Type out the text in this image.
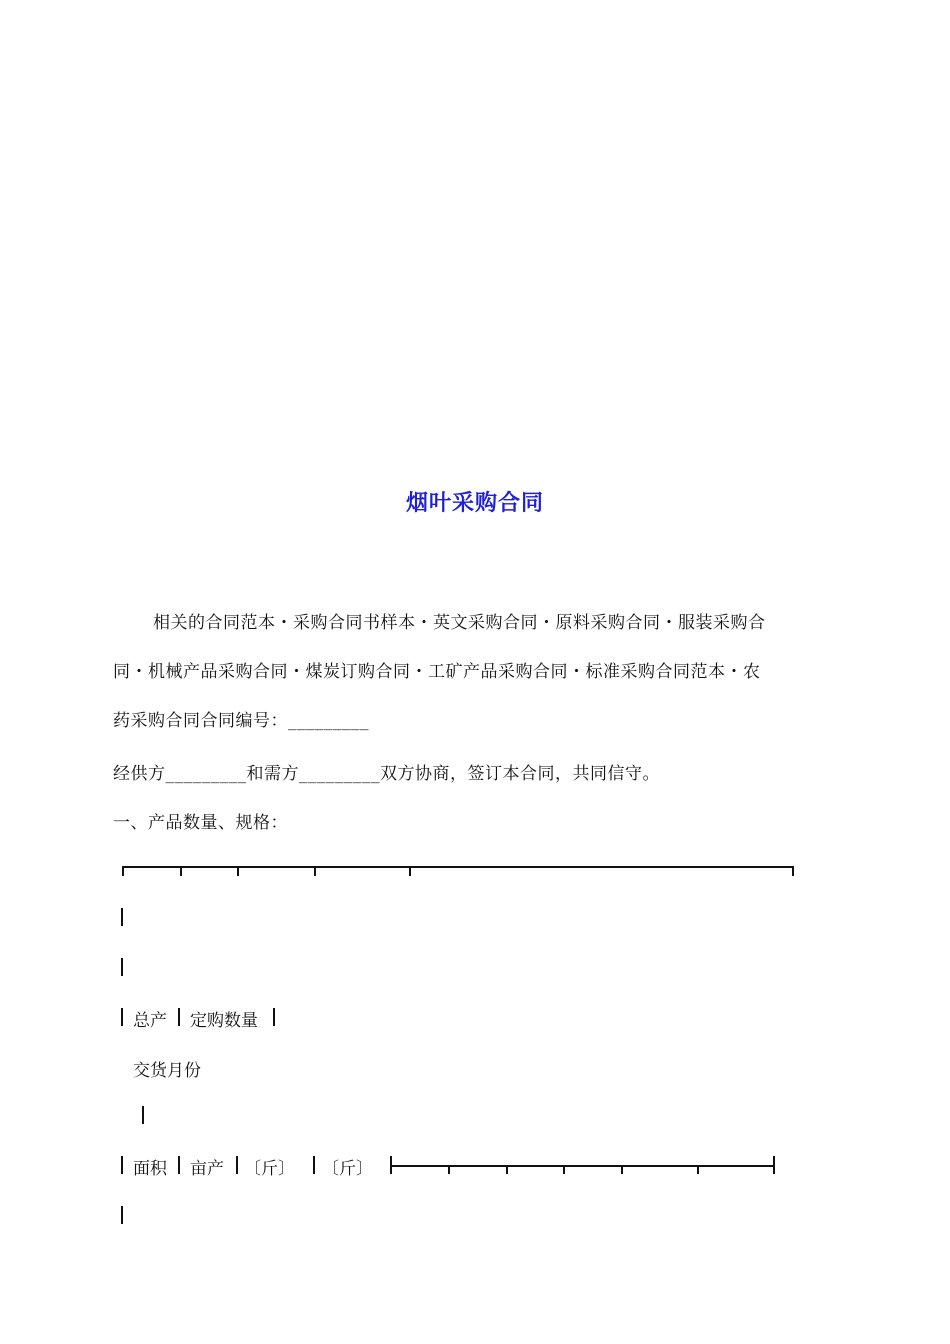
烟叶采购合同
相关的合同范本・采购合同书样本・英文采购合同・原料采购合同・服装采购合
同・机械产品采购合同・煤炭订购合同・工矿产品采购合同・标准采购合同范本・农
药采购合同合同编号：_________
经供方_________和需方_________双方协商，签订本合同，共同信守。
一、产品数量、规格：
总产 定购数量
交货月份
面积 亩产 〔斤〕 〔斤〕
